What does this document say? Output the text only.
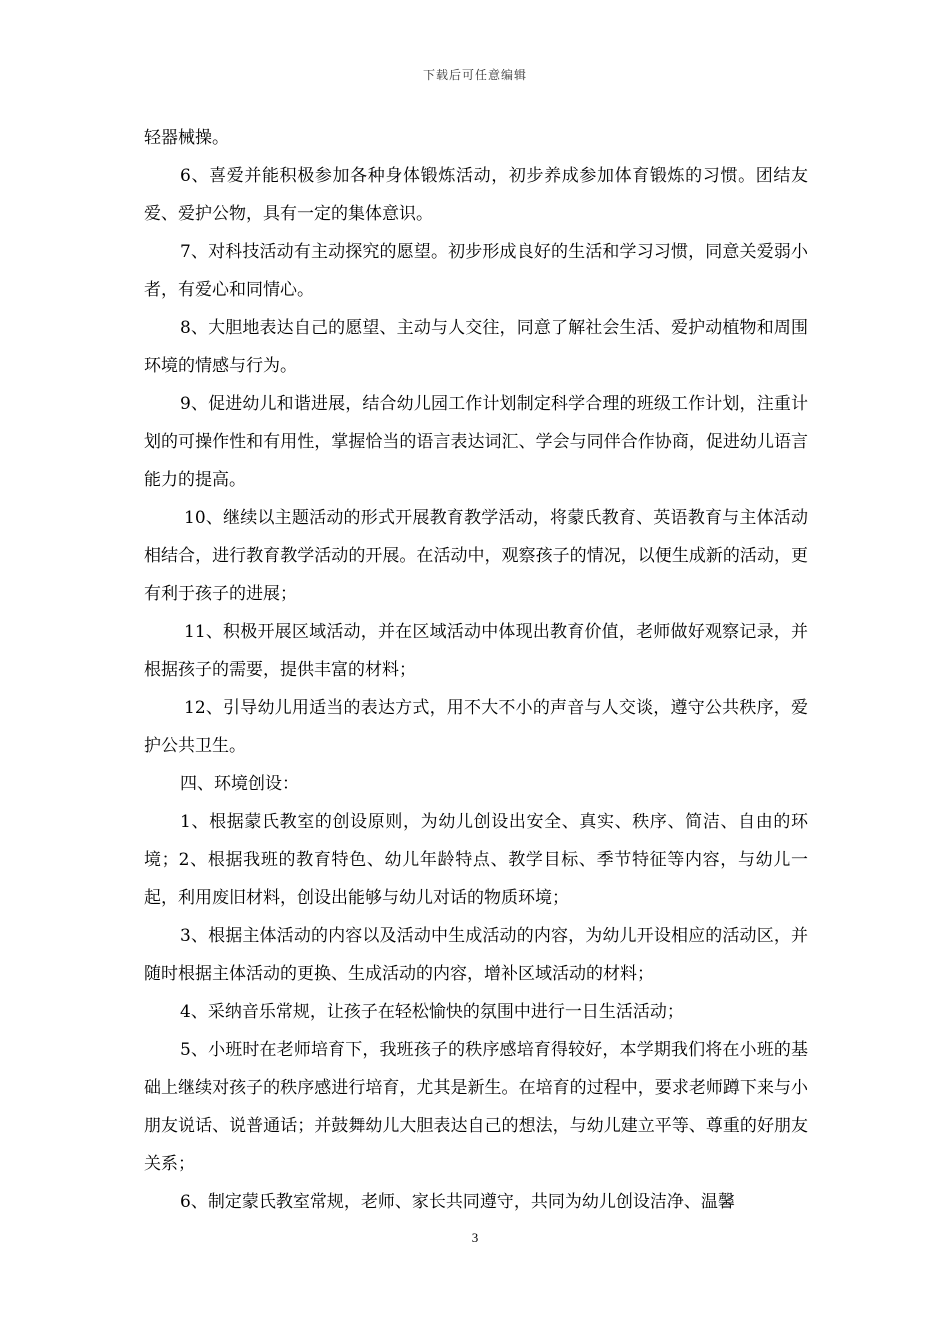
下载后可任意编辑

轻器械操。

6、喜爱并能积极参加各种身体锻炼活动，初步养成参加体育锻炼的习惯。团结友爱、爱护公物，具有一定的集体意识。

7、对科技活动有主动探究的愿望。初步形成良好的生活和学习习惯，同意关爱弱小者，有爱心和同情心。

8、大胆地表达自己的愿望、主动与人交往，同意了解社会生活、爱护动植物和周围环境的情感与行为。

9、促进幼儿和谐进展，结合幼儿园工作计划制定科学合理的班级工作计划，注重计划的可操作性和有用性，掌握恰当的语言表达词汇、学会与同伴合作协商，促进幼儿语言能力的提高。

10、继续以主题活动的形式开展教育教学活动，将蒙氏教育、英语教育与主体活动相结合，进行教育教学活动的开展。在活动中，观察孩子的情况，以便生成新的活动，更有利于孩子的进展；

11、积极开展区域活动，并在区域活动中体现出教育价值，老师做好观察记录，并根据孩子的需要，提供丰富的材料；

12、引导幼儿用适当的表达方式，用不大不小的声音与人交谈，遵守公共秩序，爱护公共卫生。

四、环境创设：

1、根据蒙氏教室的创设原则，为幼儿创设出安全、真实、秩序、简洁、自由的环境；2、根据我班的教育特色、幼儿年龄特点、教学目标、季节特征等内容，与幼儿一起，利用废旧材料，创设出能够与幼儿对话的物质环境；

3、根据主体活动的内容以及活动中生成活动的内容，为幼儿开设相应的活动区，并随时根据主体活动的更换、生成活动的内容，增补区域活动的材料；

4、采纳音乐常规，让孩子在轻松愉快的氛围中进行一日生活活动；

5、小班时在老师培育下，我班孩子的秩序感培育得较好，本学期我们将在小班的基础上继续对孩子的秩序感进行培育，尤其是新生。在培育的过程中，要求老师蹲下来与小朋友说话、说普通话；并鼓舞幼儿大胆表达自己的想法，与幼儿建立平等、尊重的好朋友关系；

6、制定蒙氏教室常规，老师、家长共同遵守，共同为幼儿创设洁净、温馨

3
